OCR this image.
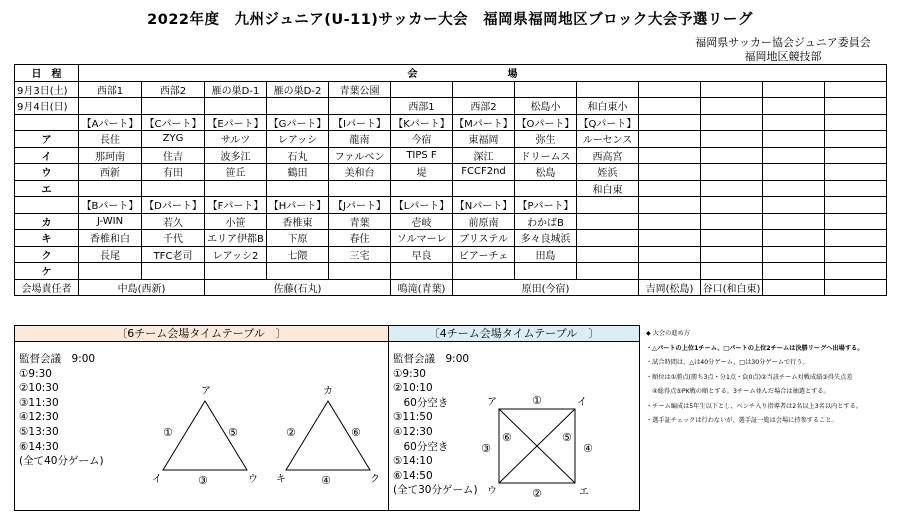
2022年度　九州ジュニア(U-11)サッカー大会　福岡県福岡地区ブロック大会予選リーグ
福岡県サッカー協会ジュニア委員会
福岡地区競技部
日　程	会　場												
9月3日(土)	西部1	西部2	雁の巣D-1	雁の巣D-2	青葉公園								
9月4日(日)						西部1	西部2	松島小	和白東小				
	【Aパート】	【Cパート】	【Eパート】	【Gパート】	【Iパート】	【Kパート】	【Mパート】	【Oパート】	【Qパート】				
ア	長住	ZYG	サルツ	レアッシ	龍南	今宿	東福岡	弥生	ルーセンス				
イ	那珂南	住吉	波多江	石丸	ファルベン	TIPS F	深江	ドリームス	西高宮				
ウ	西新	有田	笹丘	鶴田	美和台	堤	FCCF2nd	松島	姪浜				
エ									和白東				
	【Bパート】	【Dパート】	【Fパート】	【Hパート】	【Jパート】	【Lパート】	【Nパート】	【Pパート】					
カ	J-WIN	若久	小笹	香椎東	青葉	壱岐	前原南	わかばB					
キ	香椎和白	千代	エリア伊都B	下原	春住	ソルマーレ	ブリステル	多々良城浜					
ク	長尾	TFC老司	レアッシ2	七隈	三宅	早良	ビアーチェ	田島					
ケ													
会場責任者	中島(西新)		佐藤(石丸)			鳴滝(青葉)	原田(今宿)			吉岡(松島)	谷口(和白東)		
〔6チーム会場タイムテーブル　〕
監督会議　9:00
①9:30
②10:30
③11:30
④12:30
⑤13:30
⑥14:30
(全て40分ゲーム)
ア
イ	ウ
①	⑤
③
カ
キ	ク
②	⑥
④
〔4チーム会場タイムテーブル　〕
監督会議　9:00
①9:30
②10:10
　60分空き
③11:50
④12:30
　60分空き
⑤14:10
⑥14:50
(全て30分ゲーム)
ア	イ
ウ	エ
①
③	④
②
⑥	⑤
◆ 大会の進め方
・△パートの上位1チーム、□パートの上位2チームは決勝リーグへ出場する。
・試合時間は、△は40分ゲーム、□は30分ゲームで行う。
・順位は①勝点(勝ち3点・分1点・負0点)②当該チーム対戦成績③得失点差
　④総得点⑤PK戦の順とする。3チーム並んだ場合は抽選とする。
・チーム編成は5年生以下とし、ベンチ入り指導者は2名以上3名以内とする。
・選手証チェックは行わないが、選手証一覧は会場に持参すること。
